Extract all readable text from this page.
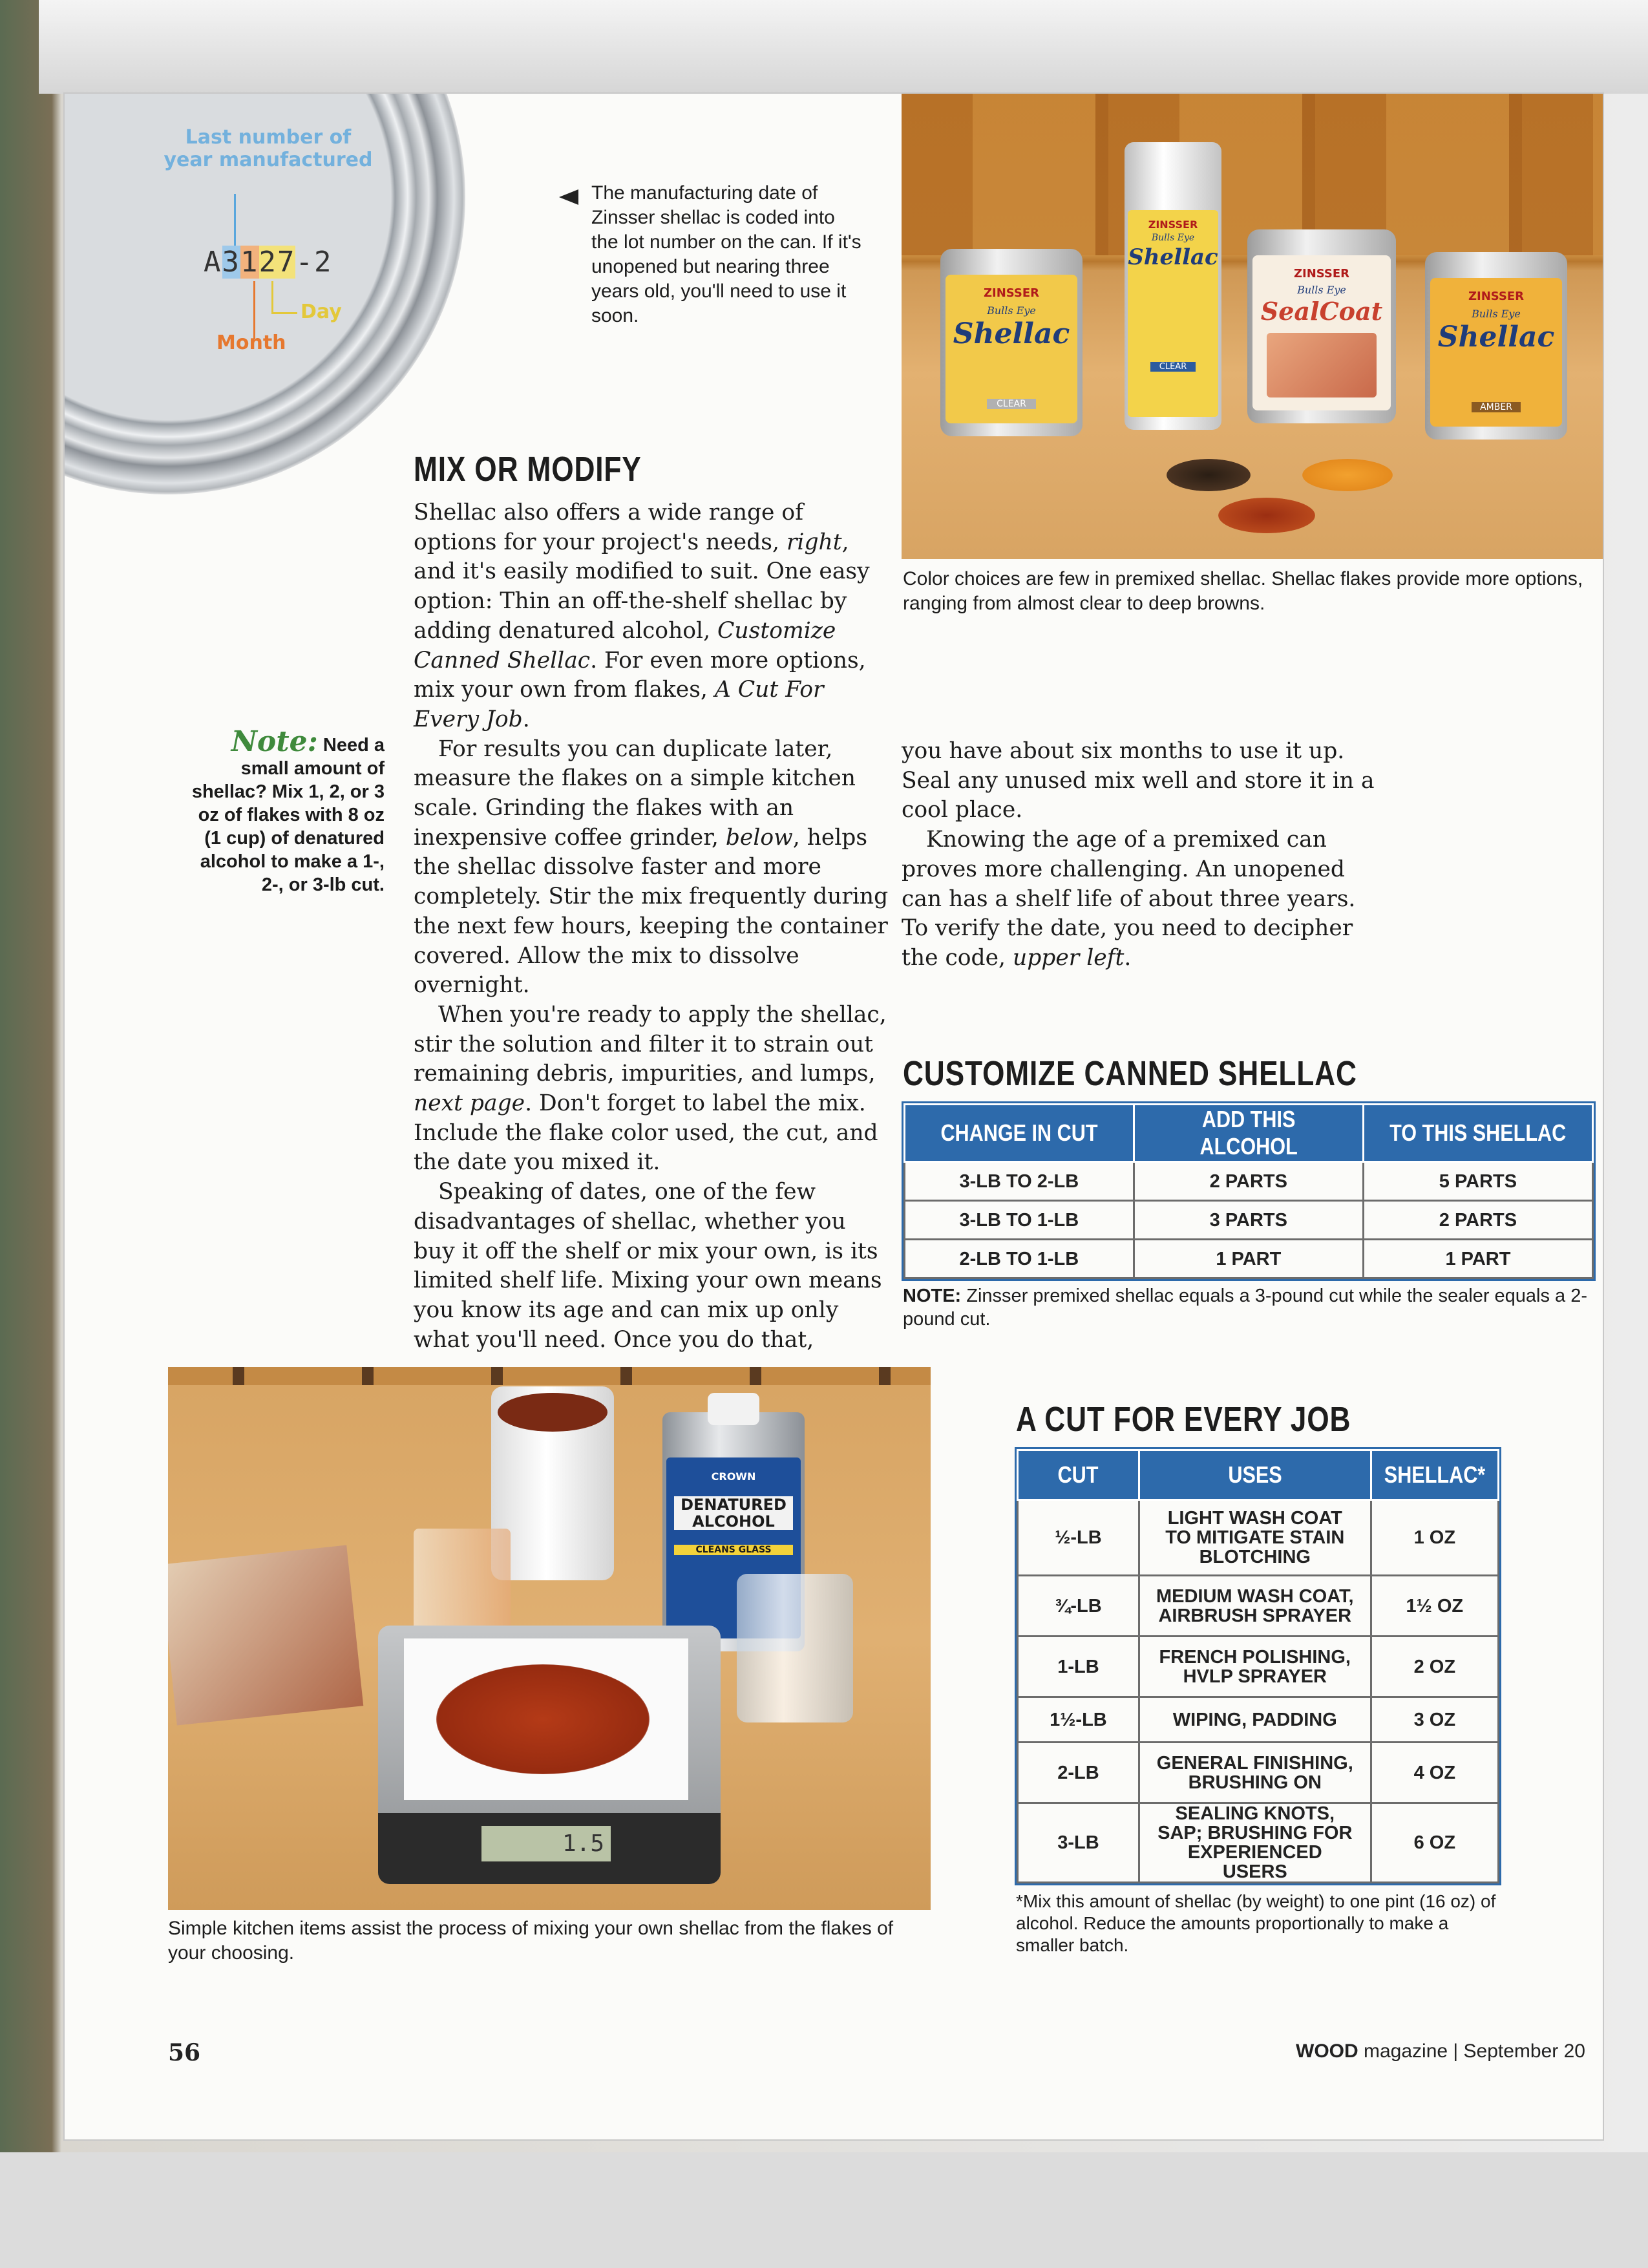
Last number of year manufactured
A3127-2
Day
Month
The manufacturing date of Zinsser shellac is coded into the lot number on the can. If it's unopened but nearing three years old, you'll need to use it soon.
ZINSSER
Bulls Eye
Shellac
CLEAR
ZINSSER
Bulls Eye
Shellac
CLEAR
ZINSSER
Bulls Eye
SealCoat
ZINSSER
Bulls Eye
Shellac
AMBER
Color choices are few in premixed shellac. Shellac flakes provide more options, ranging from almost clear to deep browns.
MIX OR MODIFY

Shellac also offers a wide range of options for your project's needs, right, and it's easily modified to suit. One easy option: Thin an off-the-shelf shellac by adding denatured alcohol, Customize Canned Shellac. For even more options, mix your own from flakes, A Cut For Every Job.

For results you can duplicate later, measure the flakes on a simple kitchen scale. Grinding the flakes with an inexpensive coffee grinder, below, helps the shellac dissolve faster and more completely. Stir the mix frequently during the next few hours, keeping the container covered. Allow the mix to dissolve overnight.

When you're ready to apply the shellac, stir the solution and filter it to strain out remaining debris, impurities, and lumps, next page. Don't forget to label the mix. Include the flake color used, the cut, and the date you mixed it.

Speaking of dates, one of the few disadvantages of shellac, whether you buy it off the shelf or mix your own, is its limited shelf life. Mixing your own means you know its age and can mix up only what you'll need. Once you do that,

you have about six months to use it up. Seal any unused mix well and store it in a cool place.

Knowing the age of a premixed can proves more challenging. An unopened can has a shelf life of about three years. To verify the date, you need to decipher the code, upper left.

Note: Need a small amount of shellac? Mix 1, 2, or 3 oz of flakes with 8 oz (1 cup) of denatured alcohol to make a 1-, 2-, or 3-lb cut.
CUSTOMIZE CANNED SHELLAC
CHANGE IN CUT	ADD THIS ALCOHOL	TO THIS SHELLAC
3-LB TO 2-LB	2 PARTS	5 PARTS
3-LB TO 1-LB	3 PARTS	2 PARTS
2-LB TO 1-LB	1 PART	1 PART
NOTE: Zinsser premixed shellac equals a 3-pound cut while the sealer equals a 2-pound cut.
CROWN
DENATURED ALCOHOL
CLEANS GLASS
1.5
Simple kitchen items assist the process of mixing your own shellac from the flakes of your choosing.
A CUT FOR EVERY JOB
CUT	USES	SHELLAC*
½-LB	LIGHT WASH COAT TO MITIGATE STAIN BLOTCHING	1 OZ
¾-LB	MEDIUM WASH COAT, AIRBRUSH SPRAYER	1½ OZ
1-LB	FRENCH POLISHING, HVLP SPRAYER	2 OZ
1½-LB	WIPING, PADDING	3 OZ
2-LB	GENERAL FINISHING, BRUSHING ON	4 OZ
3-LB	SEALING KNOTS, SAP; BRUSHING FOR EXPERIENCED USERS	6 OZ
*Mix this amount of shellac (by weight) to one pint (16 oz) of alcohol. Reduce the amounts proportionally to make a smaller batch.
56	WOOD magazine | September 20
